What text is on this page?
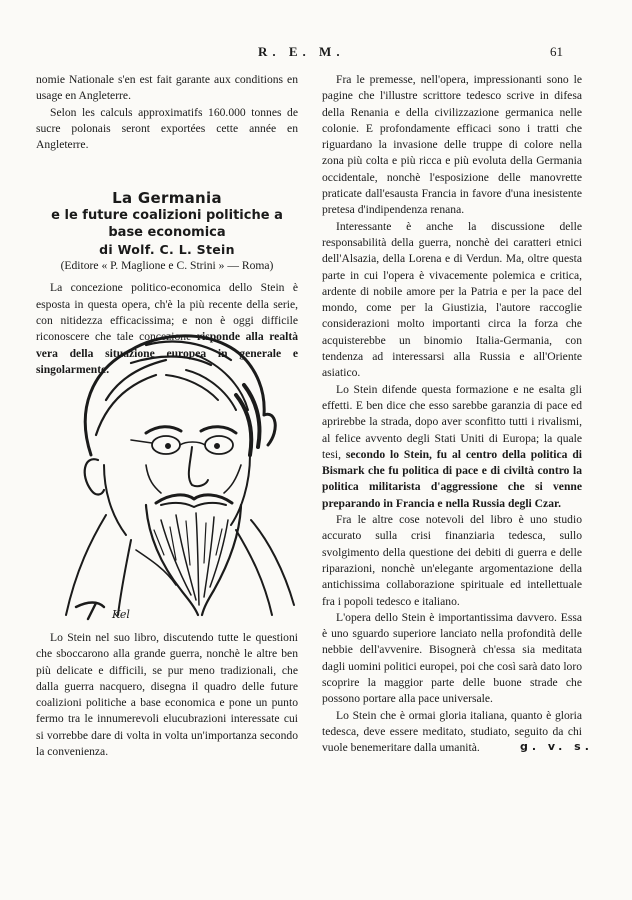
R. E. M.	61

nomie Nationale s'en est fait garante aux conditions en usage en Angleterre.

Selon les calculs approximatifs 160.000 tonnes de sucre polonais seront exportées cette année en Angleterre.

La Germania
e le future coalizioni politiche a base economica
di Wolf. C. L. Stein
(Editore « P. Maglione e C. Strini » — Roma)

La concezione politico-economica dello Stein è esposta in questa opera, ch'è la più recente della serie, con nitidezza efficacissima; e non è oggi difficile riconoscere che tale concezione risponde alla realtà vera della situazione europea in generale e singolarmente.

Kel

Lo Stein nel suo libro, discutendo tutte le questioni che sboccarono alla grande guerra, nonchè le altre ben più delicate e difficili, se pur meno tradizionali, che dalla guerra nacquero, disegna il quadro delle future coalizioni politiche a base economica e pone un punto fermo tra le innumerevoli elucubrazioni interessate cui si vorrebbe dare di volta in volta un'importanza secondo la convenienza.

Fra le premesse, nell'opera, impressionanti sono le pagine che l'illustre scrittore tedesco scrive in difesa della Renania e della civilizzazione germanica nelle colonie. E profondamente efficaci sono i tratti che riguardano la invasione delle truppe di colore nella zona più colta e più ricca e più evoluta della Germania occidentale, nonchè l'esposizione delle manovrette praticate dall'esausta Francia in favore d'una inesistente pretesa d'indipendenza renana.

Interessante è anche la discussione delle responsabilità della guerra, nonchè dei caratteri etnici dell'Alsazia, della Lorena e di Verdun. Ma, oltre questa parte in cui l'opera è vivacemente polemica e critica, ardente di nobile amore per la Patria e per la pace del mondo, come per la Giustizia, l'autore raccoglie considerazioni molto importanti circa la forza che acquisterebbe un binomio Italia-Germania, con tendenza ad interessarsi alla Russia e all'Oriente asiatico.

Lo Stein difende questa formazione e ne esalta gli effetti. E ben dice che esso sarebbe garanzia di pace ed aprirebbe la strada, dopo aver sconfitto tutti i rivalismi, al felice avvento degli Stati Uniti di Europa; la quale tesi, secondo lo Stein, fu al centro della politica di Bismark che fu politica di pace e di civiltà contro la politica militarista d'aggressione che si venne preparando in Francia e nella Russia degli Czar.

Fra le altre cose notevoli del libro è uno studio accurato sulla crisi finanziaria tedesca, sullo svolgimento della questione dei debiti di guerra e delle riparazioni, nonchè un'elegante argomentazione della antichissima collaborazione spirituale ed intellettuale fra i popoli tedesco e italiano.

L'opera dello Stein è importantissima davvero. Essa è uno sguardo superiore lanciato nella profondità delle nebbie dell'avvenire. Bisognerà ch'essa sia meditata dagli uomini politici europei, poi che così sarà dato loro scoprire la maggior parte delle buone strade che possono portare alla pace universale.

Lo Stein che è ormai gloria italiana, quanto è gloria tedesca, deve essere meditato, studiato, seguito da chi vuole benemeritare dalla umanità.	g. v. s.
